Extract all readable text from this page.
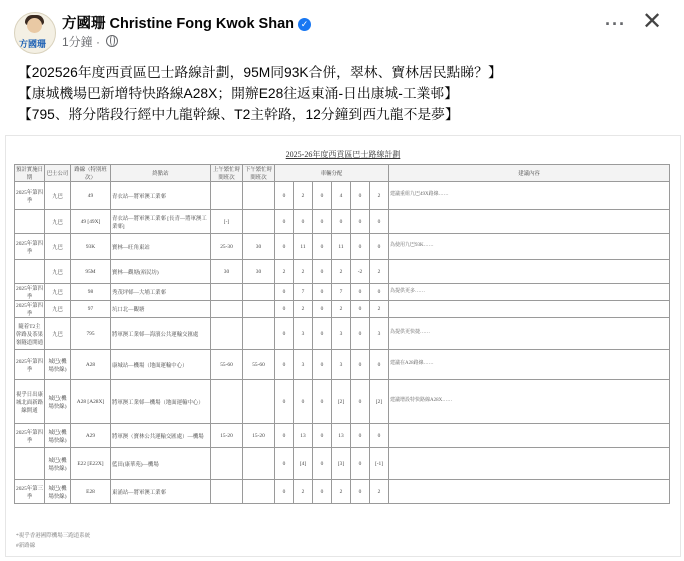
方國珊
方國珊 Christine Fong Kwok Shan ✓
1分鐘 ·
··· ✕
【202526年度西貢區巴士路線計劃，95M同93K合併，翠林、寶林居民點睇？】
【康城機場巴新增特快路線A28X；開辦E28往返東涌-日出康城-工業邨】
【795、將分階段行經中九龍幹線、T2主幹路，12分鐘到西九龍不是夢】
2025-26年度西貢區巴士路線計劃
預計實施日期	巴士公司	路線（特別班次）	終點站	上午繁忙時間班次	下午繁忙時間班次	車輛分配						建議內容
2025年第四季	九巴	49	青衣站—將軍澳工業邨			0	2	0	4	0	2	建議重組九巴49X路線……
	九巴	49 [49X]	青衣站—將軍澳工業邨 [長青—將軍澳工業邨]	[-]		0	0	0	0	0	0	
2025年第四季	九巴	93K	寶林—旺角東站	25-30	30	0	11	0	11	0	0	為使用九巴93K……
	九巴	95M	寶林—觀塘(裕民坊)	30	30	2	2	0	2	-2	2	
2025年第四季	九巴	98	秀茂坪邨—大埔工業邨			0	7	0	7	0	0	為提供更多……
2025年第四季	九巴	97	坑口北—觀塘			0	2	0	2	0	2	
隨着T2主幹路及茶果嶺隧道開通	九巴	795	將軍澳工業邨—海濱公共運輸交匯處			0	3	0	3	0	3	為提供更快捷……
2025年第四季	城巴(機場快線)	A28	康城站—機場（地面運輸中心）	55-60	55-60	0	3	0	3	0	0	建議在A28路線……
視乎日出康城北面新路線開通	城巴(機場快線)	A28 [A28X]	將軍澳工業邨—機場（地面運輸中心）			0	0	0	[2]	0	[2]	建議增設特快路線A28X……
2025年第四季	城巴(機場快線)	A29	將軍澳（寶林公共運輸交匯處）—機場	15-20	15-20	0	13	0	13	0	0	
	城巴(機場快線)	E22 [E22X]	藍田(康華苑)—機場			0	[4]	0	[3]	0	[-1]	
2025年第三季	城巴(機場快線)	E28	東涌站—將軍澳工業邨			0	2	0	2	0	2	
*視乎香港國際機場三跑道系統
#新路線
